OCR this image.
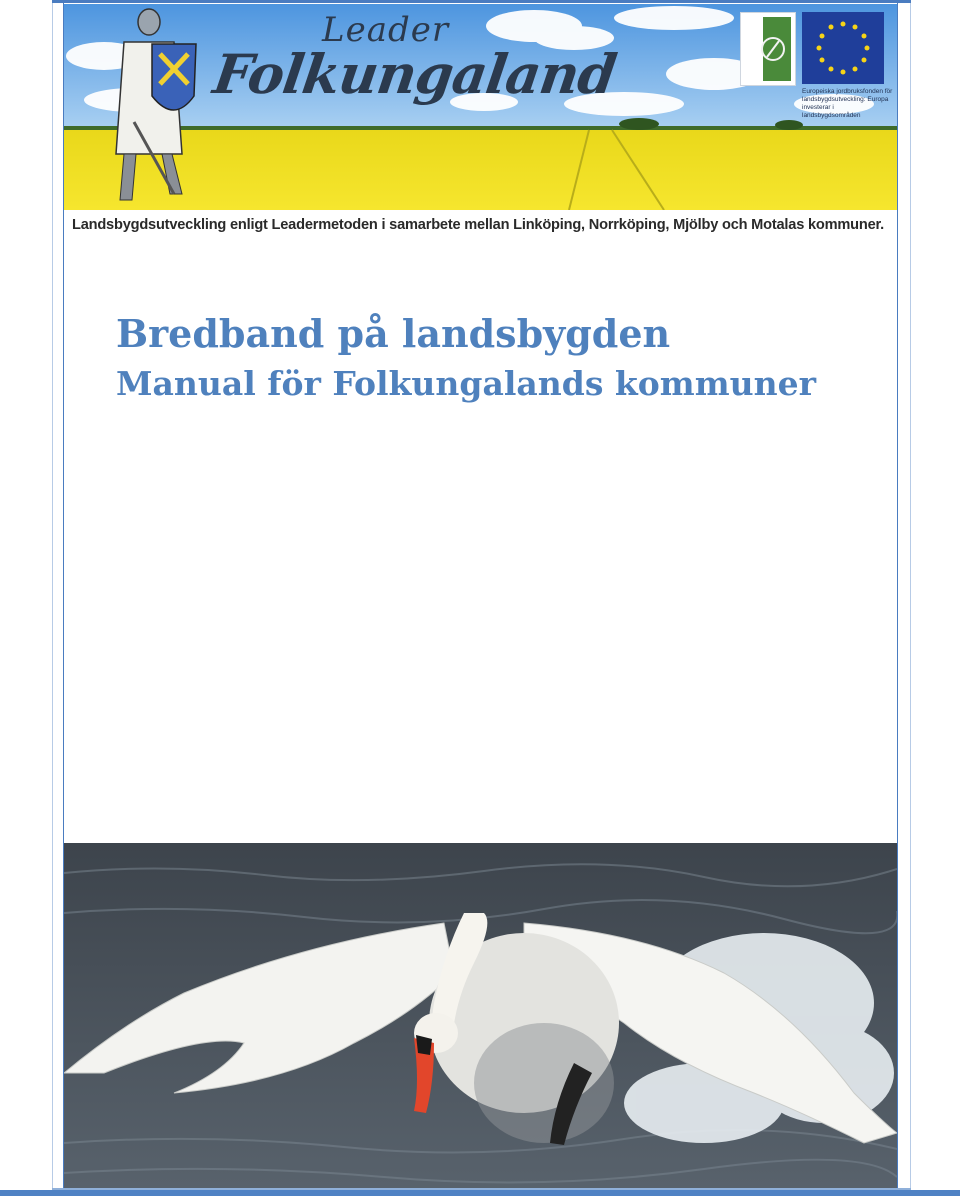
Leader
Folkungaland	Europeiska jordbruksfonden för landsbygdsutveckling: Europa investerar i landsbygdsområden
Landsbygdsutveckling enligt Leadermetoden i samarbete mellan Linköping, Norrköping, Mjölby och Motalas kommuner.
Bredband på landsbygden
Manual för Folkungalands kommuner
